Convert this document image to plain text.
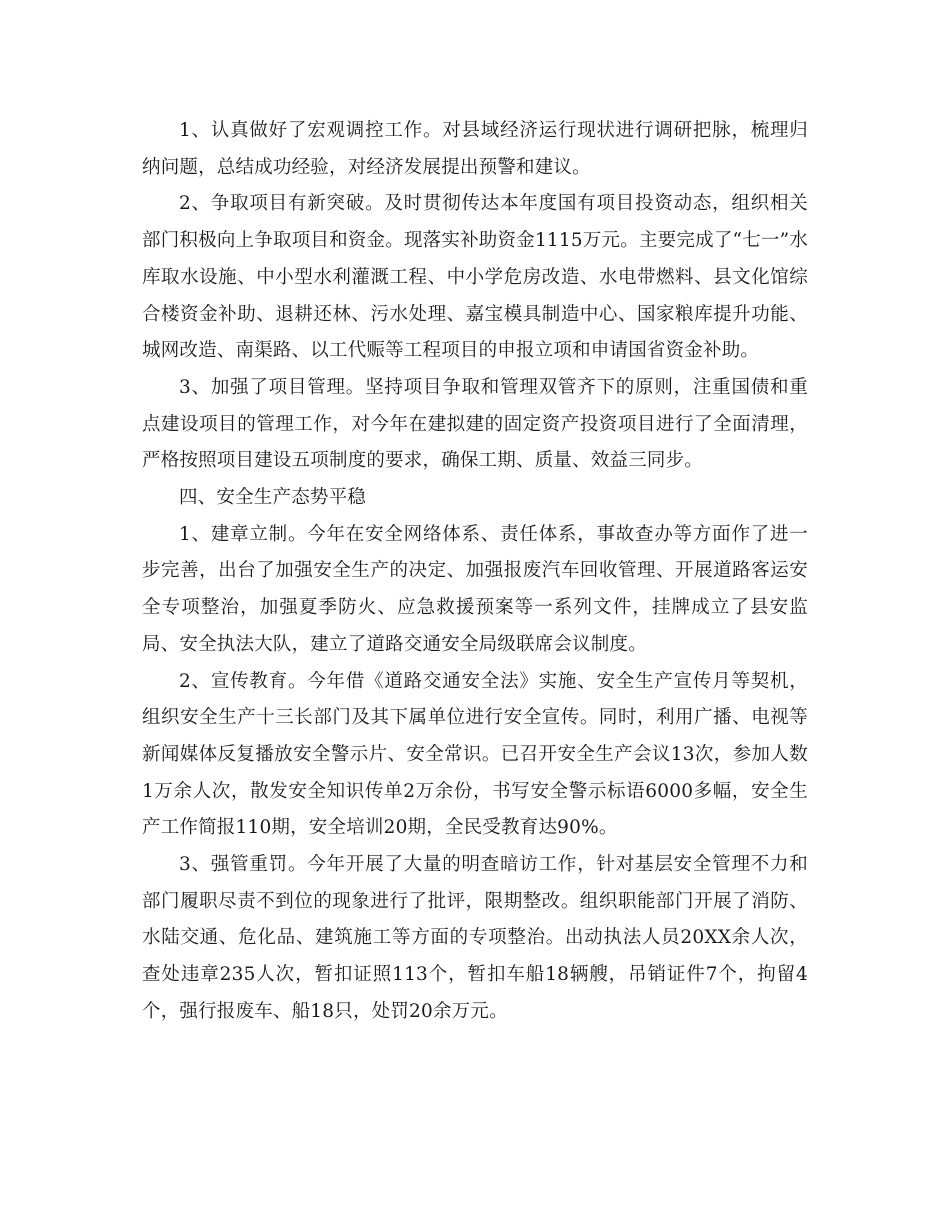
1、认真做好了宏观调控工作。对县域经济运行现状进行调研把脉，梳理归纳问题，总结成功经验，对经济发展提出预警和建议。

2、争取项目有新突破。及时贯彻传达本年度国有项目投资动态，组织相关部门积极向上争取项目和资金。现落实补助资金1115万元。主要完成了“七一”水库取水设施、中小型水利灌溉工程、中小学危房改造、水电带燃料、县文化馆综合楼资金补助、退耕还林、污水处理、嘉宝模具制造中心、国家粮库提升功能、城网改造、南渠路、以工代赈等工程项目的申报立项和申请国省资金补助。

3、加强了项目管理。坚持项目争取和管理双管齐下的原则，注重国债和重点建设项目的管理工作，对今年在建拟建的固定资产投资项目进行了全面清理，严格按照项目建设五项制度的要求，确保工期、质量、效益三同步。

四、安全生产态势平稳

1、建章立制。今年在安全网络体系、责任体系，事故查办等方面作了进一步完善，出台了加强安全生产的决定、加强报废汽车回收管理、开展道路客运安全专项整治，加强夏季防火、应急救援预案等一系列文件，挂牌成立了县安监局、安全执法大队，建立了道路交通安全局级联席会议制度。

2、宣传教育。今年借《道路交通安全法》实施、安全生产宣传月等契机，组织安全生产十三长部门及其下属单位进行安全宣传。同时，利用广播、电视等新闻媒体反复播放安全警示片、安全常识。已召开安全生产会议13次，参加人数1万余人次，散发安全知识传单2万余份，书写安全警示标语6000多幅，安全生产工作简报110期，安全培训20期，全民受教育达90%。

3、强管重罚。今年开展了大量的明查暗访工作，针对基层安全管理不力和部门履职尽责不到位的现象进行了批评，限期整改。组织职能部门开展了消防、水陆交通、危化品、建筑施工等方面的专项整治。出动执法人员20XX余人次，查处违章235人次，暂扣证照113个，暂扣车船18辆艘，吊销证件7个，拘留4个，强行报废车、船18只，处罚20余万元。
